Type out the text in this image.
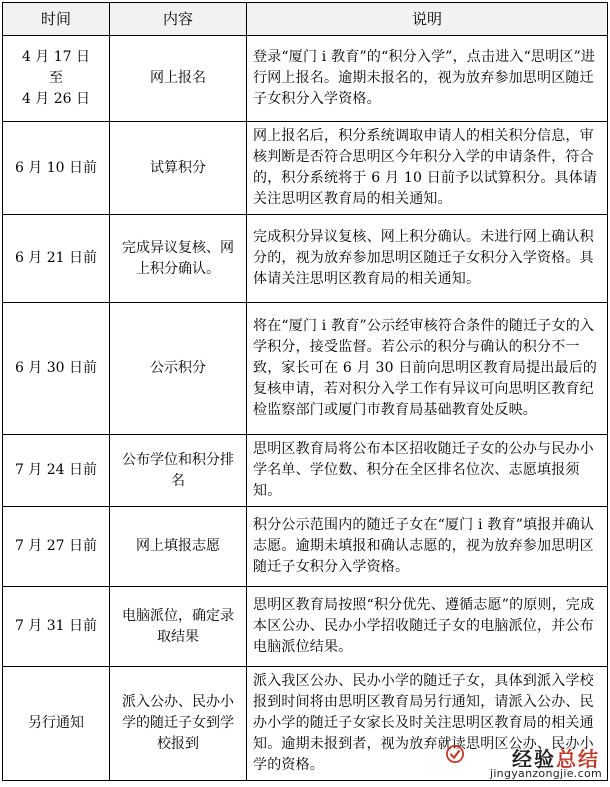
时间	内容	说明

4 月 17 日
至
4 月 26 日	网上报名	登录“厦门 i 教育”的“积分入学”，点击进入“思明区”进行网上报名。逾期未报名的，视为放弃参加思明区随迁子女积分入学资格。

6 月 10 日前	试算积分	网上报名后，积分系统调取申请人的相关积分信息，审核判断是否符合思明区今年积分入学的申请条件，符合的，积分系统将于 6 月 10 日前予以试算积分。具体请关注思明区教育局的相关通知。

6 月 21 日前	完成异议复核、网上积分确认。	完成积分异议复核、网上积分确认。未进行网上确认积分的，视为放弃参加思明区随迁子女积分入学资格。具体请关注思明区教育局的相关通知。

6 月 30 日前	公示积分	将在“厦门 i 教育”公示经审核符合条件的随迁子女的入学积分，接受监督。若公示的积分与确认的积分不一致，家长可在 6 月 30 日前向思明区教育局提出最后的复核申请，若对积分入学工作有异议可向思明区教育纪检监察部门或厦门市教育局基础教育处反映。

7 月 24 日前	公布学位和积分排名	思明区教育局将公布本区招收随迁子女的公办与民办小学名单、学位数、积分在全区排名位次、志愿填报须知。

7 月 27 日前	网上填报志愿	积分公示范围内的随迁子女在“厦门 i 教育”填报并确认志愿。逾期未填报和确认志愿的，视为放弃参加思明区随迁子女积分入学资格。

7 月 31 日前	电脑派位，确定录取结果	思明区教育局按照“积分优先、遵循志愿”的原则，完成本区公办、民办小学招收随迁子女的电脑派位，并公布电脑派位结果。

另行通知	派入公办、民办小学的随迁子女到学校报到	派入我区公办、民办小学的随迁子女，具体到派入学校报到时间将由思明区教育局另行通知，请派入公办、民办小学的随迁子女家长及时关注思明区教育局的相关通知。逾期未报到者，视为放弃就读思明区公办、民办小学的资格。	经验总结
jingyanzongjie.com
